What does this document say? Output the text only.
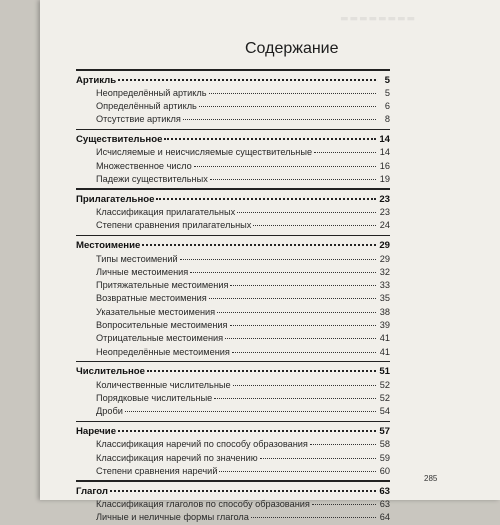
▬▬▬▬▬▬▬▬
Содержание
285
Артикль	5
Неопределённый артикль	5
Определённый артикль	6
Отсутствие артикля	8
Существительное	14
Исчисляемые и неисчисляемые существительные	14
Множественное число	16
Падежи существительных	19
Прилагательное	23
Классификация прилагательных	23
Степени сравнения прилагательных	24
Местоимение	29
Типы местоимений	29
Личные местоимения	32
Притяжательные местоимения	33
Возвратные местоимения	35
Указательные местоимения	38
Вопросительные местоимения	39
Отрицательные местоимения	41
Неопределённые местоимения	41
Числительное	51
Количественные числительные	52
Порядковые числительные	52
Дроби	54
Наречие	57
Классификация наречий по способу образования	58
Классификация наречий по значению	59
Степени сравнения наречий	60
Глагол	63
Классификация глаголов по способу образования	63
Личные и неличные формы глагола	64
